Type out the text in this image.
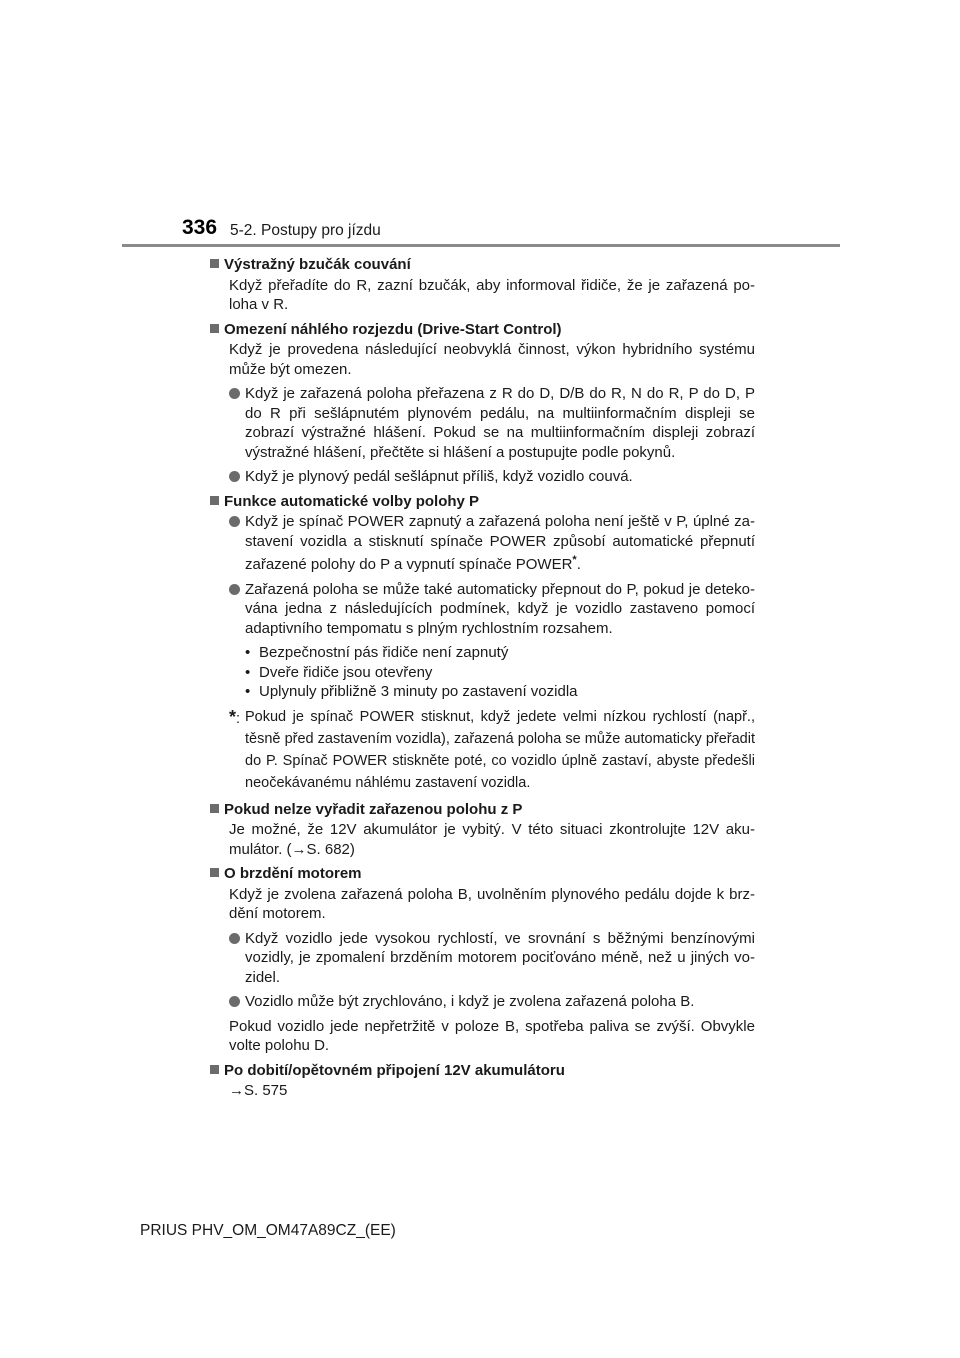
336 5-2. Postupy pro jízdu
Výstražný bzučák couvání
Když přeřadíte do R, zazní bzučák, aby informoval řidiče, že je zařazená poloha v R.
Omezení náhlého rozjezdu (Drive-Start Control)
Když je provedena následující neobvyklá činnost, výkon hybridního systému může být omezen.
Když je zařazená poloha přeřazena z R do D, D/B do R, N do R, P do D, P do R při sešlápnutém plynovém pedálu, na multiinformačním displeji se zobrazí výstražné hlášení. Pokud se na multiinformačním displeji zobrazí výstražné hlášení, přečtěte si hlášení a postupujte podle pokynů.
Když je plynový pedál sešlápnut příliš, když vozidlo couvá.
Funkce automatické volby polohy P
Když je spínač POWER zapnutý a zařazená poloha není ještě v P, úplné zastavení vozidla a stisknutí spínače POWER způsobí automatické přepnutí zařazené polohy do P a vypnutí spínače POWER*.
Zařazená poloha se může také automaticky přepnout do P, pokud je detekována jedna z následujících podmínek, když je vozidlo zastaveno pomocí adaptivního tempomatu s plným rychlostním rozsahem.
• Bezpečnostní pás řidiče není zapnutý
• Dveře řidiče jsou otevřeny
• Uplynuly přibližně 3 minuty po zastavení vozidla
*: Pokud je spínač POWER stisknut, když jedete velmi nízkou rychlostí (např., těsně před zastavením vozidla), zařazená poloha se může automaticky přeřadit do P. Spínač POWER stiskněte poté, co vozidlo úplně zastaví, abyste předešli neočekávanému náhlému zastavení vozidla.
Pokud nelze vyřadit zařazenou polohu z P
Je možné, že 12V akumulátor je vybitý. V této situaci zkontrolujte 12V akumulátor. (→S. 682)
O brzdění motorem
Když je zvolena zařazená poloha B, uvolněním plynového pedálu dojde k brzdění motorem.
Když vozidlo jede vysokou rychlostí, ve srovnání s běžnými benzínovými vozidly, je zpomalení brzděním motorem pociťováno méně, než u jiných vozidel.
Vozidlo může být zrychlováno, i když je zvolena zařazená poloha B.
Pokud vozidlo jede nepřetržitě v poloze B, spotřeba paliva se zvýší. Obvykle volte polohu D.
Po dobití/opětovném připojení 12V akumulátoru
→S. 575
PRIUS PHV_OM_OM47A89CZ_(EE)
